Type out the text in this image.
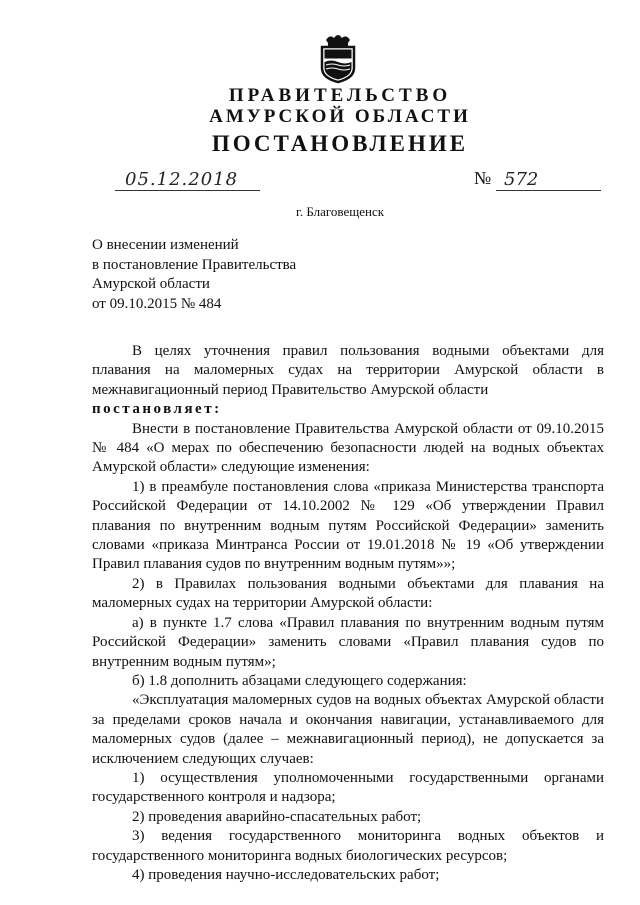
ПРАВИТЕЛЬСТВО
АМУРСКОЙ ОБЛАСТИ
ПОСТАНОВЛЕНИЕ
05.12.2018	№ 572
г. Благовещенск
О внесении изменений
в постановление Правительства
Амурской области
от 09.10.2015 № 484
В целях уточнения правил пользования водными объектами для плавания на маломерных судах на территории Амурской области в межнавигационный период Правительство Амурской области
постановляет:
Внести в постановление Правительства Амурской области от 09.10.2015 № 484 «О мерах по обеспечению безопасности людей на водных объектах Амурской области» следующие изменения:
1) в преамбуле постановления слова «приказа Министерства транспорта Российской Федерации от 14.10.2002 № 129 «Об утверждении Правил плавания по внутренним водным путям Российской Федерации» заменить словами «приказа Минтранса России от 19.01.2018 № 19 «Об утверждении Правил плавания судов по внутренним водным путям»»;
2) в Правилах пользования водными объектами для плавания на маломерных судах на территории Амурской области:
а) в пункте 1.7 слова «Правил плавания по внутренним водным путям Российской Федерации» заменить словами «Правил плавания судов по внутренним водным путям»;
б) 1.8 дополнить абзацами следующего содержания:
«Эксплуатация маломерных судов на водных объектах Амурской области за пределами сроков начала и окончания навигации, устанавливаемого для маломерных судов (далее – межнавигационный период), не допускается за исключением следующих случаев:
1) осуществления уполномоченными государственными органами государственного контроля и надзора;
2) проведения аварийно-спасательных работ;
3) ведения государственного мониторинга водных объектов и государственного мониторинга водных биологических ресурсов;
4) проведения научно-исследовательских работ;
